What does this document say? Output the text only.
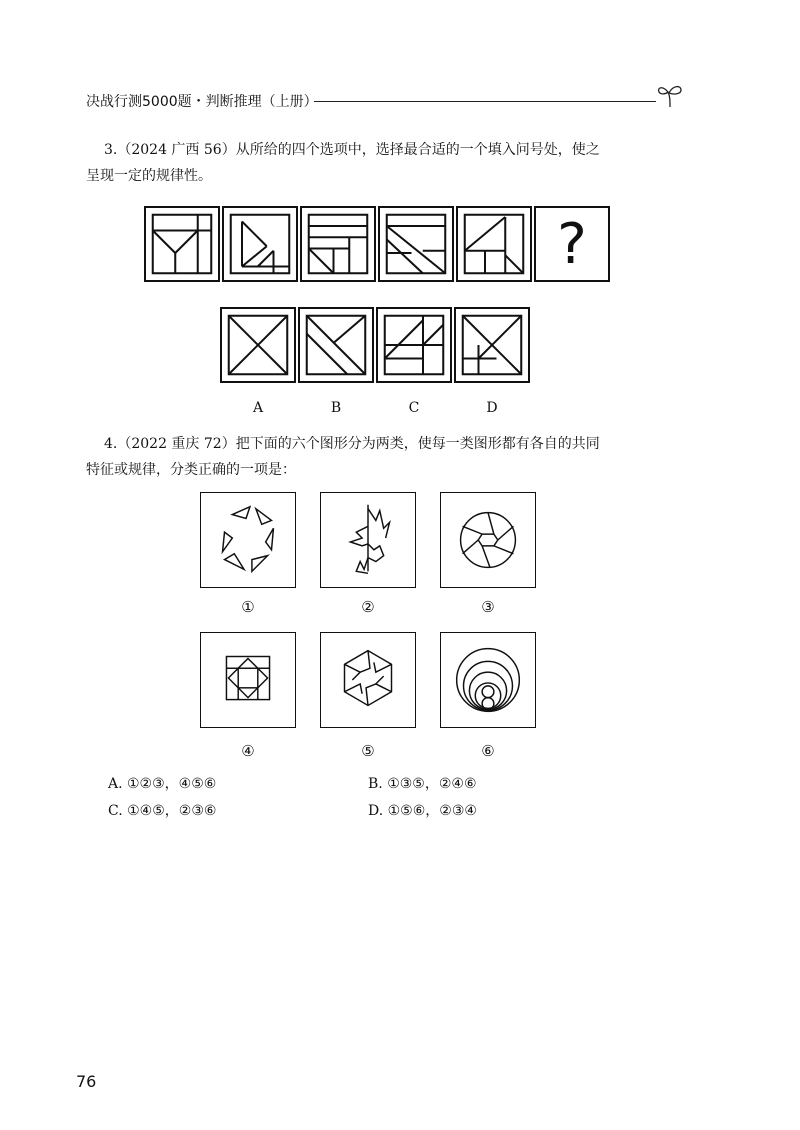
决战行测5000题・判断推理（上册）
3.（2024 广西 56）从所给的四个选项中，选择最合适的一个填入问号处，使之
呈现一定的规律性。
?
A	B	C	D
4.（2022 重庆 72）把下面的六个图形分为两类，使每一类图形都有各自的共同
特征或规律，分类正确的一项是：
①	②	③
④	⑤	⑥
A. ①②③，④⑤⑥	B. ①③⑤，②④⑥
C. ①④⑤，②③⑥	D. ①⑤⑥，②③④
76
